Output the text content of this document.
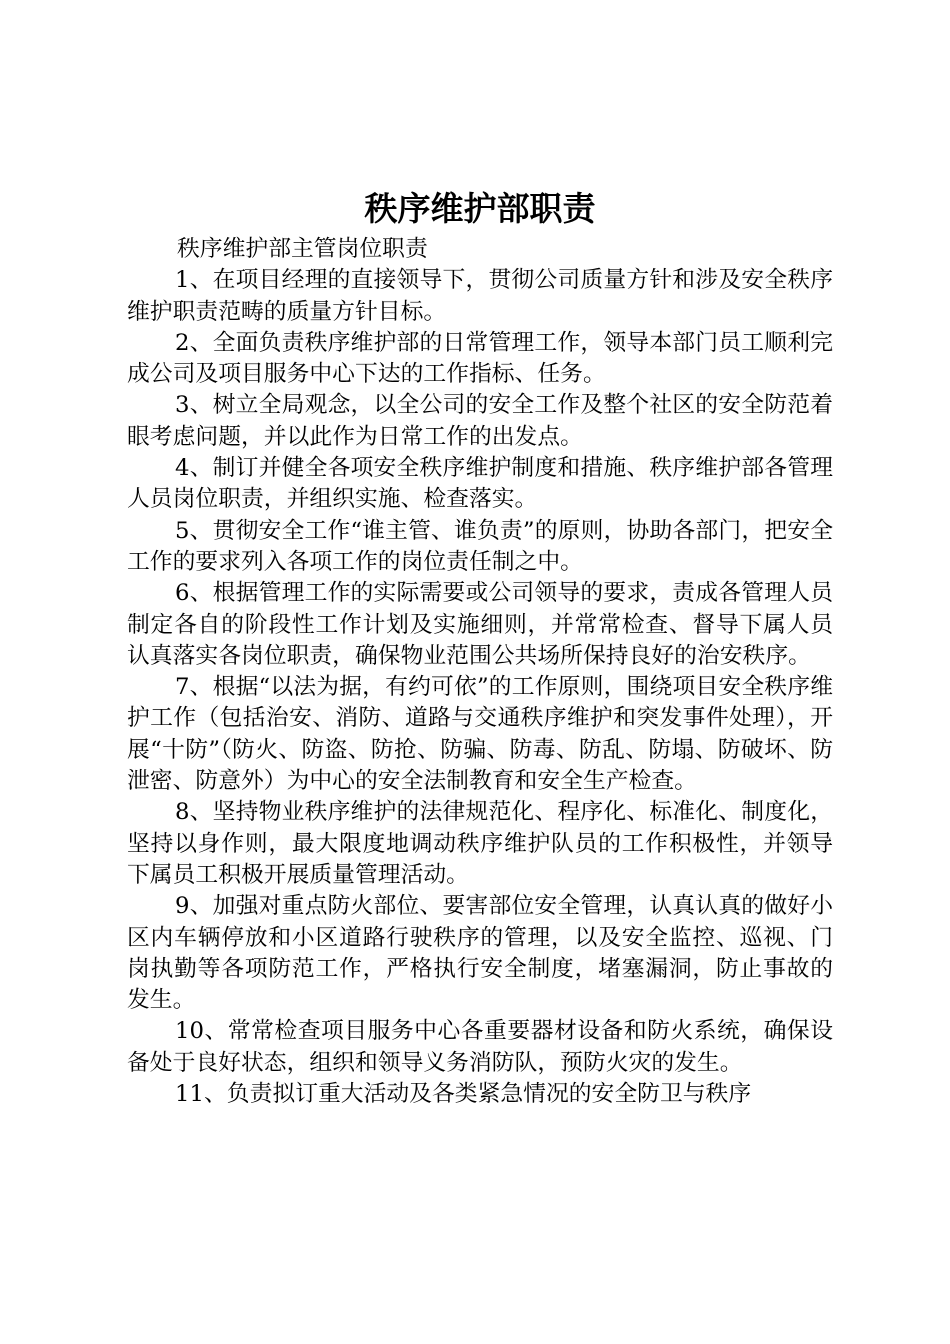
秩序维护部职责

秩序维护部主管岗位职责

1、在项目经理的直接领导下，贯彻公司质量方针和涉及安全秩序维护职责范畴的质量方针目标。

2、全面负责秩序维护部的日常管理工作，领导本部门员工顺利完成公司及项目服务中心下达的工作指标、任务。

3、树立全局观念，以全公司的安全工作及整个社区的安全防范着眼考虑问题，并以此作为日常工作的出发点。

4、制订并健全各项安全秩序维护制度和措施、秩序维护部各管理人员岗位职责，并组织实施、检查落实。

5、贯彻安全工作“谁主管、谁负责”的原则，协助各部门，把安全工作的要求列入各项工作的岗位责任制之中。

6、根据管理工作的实际需要或公司领导的要求，责成各管理人员制定各自的阶段性工作计划及实施细则，并常常检查、督导下属人员认真落实各岗位职责，确保物业范围公共场所保持良好的治安秩序。

7、根据“以法为据，有约可依”的工作原则，围绕项目安全秩序维护工作（包括治安、消防、道路与交通秩序维护和突发事件处理），开展“十防”（防火、防盗、防抢、防骗、防毒、防乱、防塌、防破坏、防泄密、防意外）为中心的安全法制教育和安全生产检查。

8、坚持物业秩序维护的法律规范化、程序化、标准化、制度化，坚持以身作则，最大限度地调动秩序维护队员的工作积极性，并领导下属员工积极开展质量管理活动。

9、加强对重点防火部位、要害部位安全管理，认真认真的做好小区内车辆停放和小区道路行驶秩序的管理，以及安全监控、巡视、门岗执勤等各项防范工作，严格执行安全制度，堵塞漏洞，防止事故的发生。

10、常常检查项目服务中心各重要器材设备和防火系统，确保设备处于良好状态，组织和领导义务消防队，预防火灾的发生。

11、负责拟订重大活动及各类紧急情况的安全防卫与秩序
